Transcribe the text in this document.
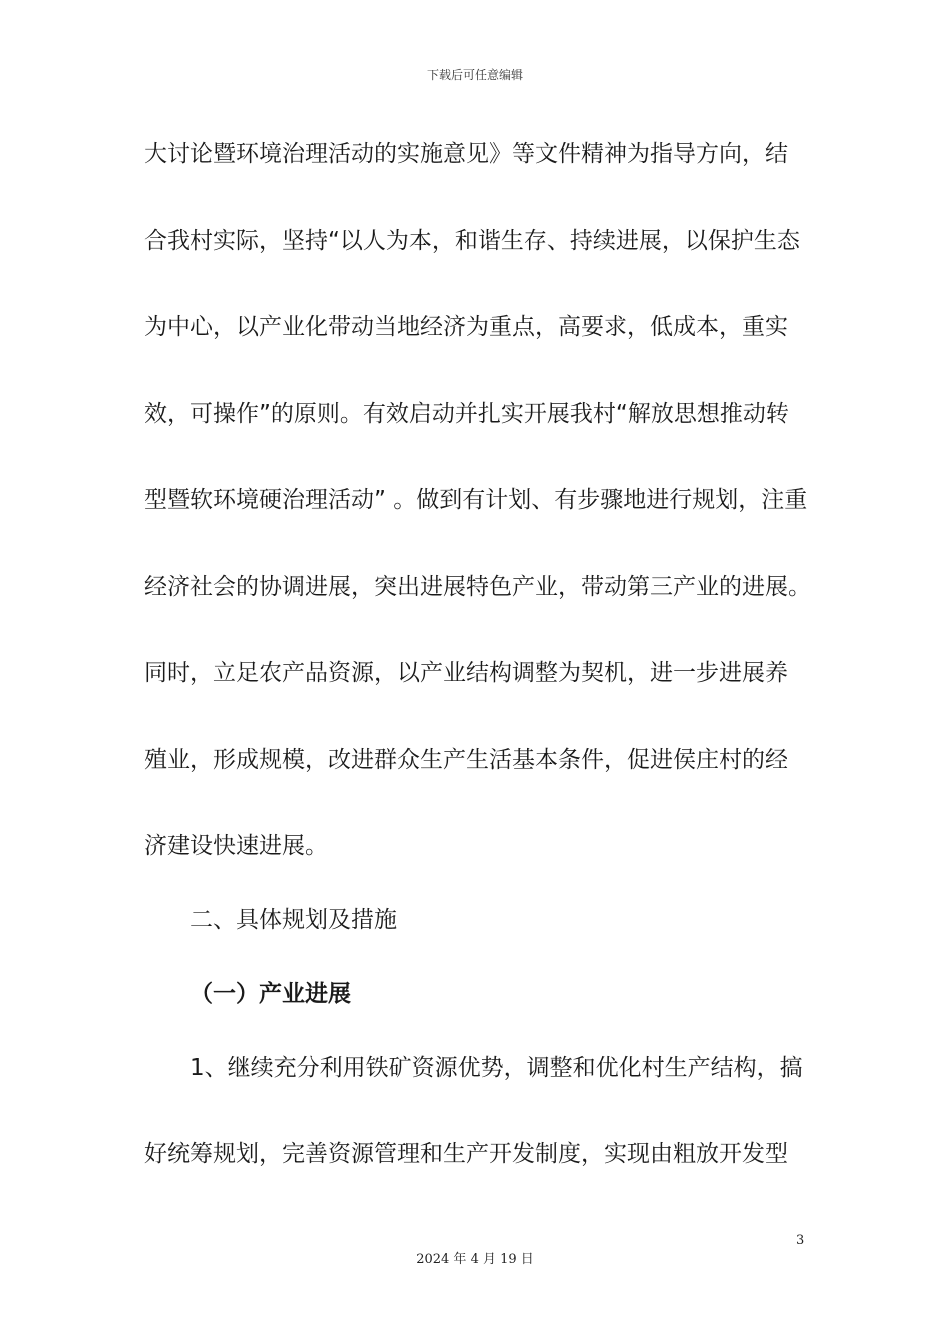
下载后可任意编辑
大讨论暨环境治理活动的实施意见》等文件精神为指导方向，结
合我村实际，坚持“以人为本，和谐生存、持续进展，以保护生态
为中心，以产业化带动当地经济为重点，高要求，低成本，重实
效，可操作”的原则。有效启动并扎实开展我村“解放思想推动转
型暨软环境硬治理活动” 。做到有计划、有步骤地进行规划，注重
经济社会的协调进展，突出进展特色产业，带动第三产业的进展。
同时，立足农产品资源，以产业结构调整为契机，进一步进展养
殖业，形成规模，改进群众生产生活基本条件，促进侯庄村的经
济建设快速进展。
二、具体规划及措施
（一）产业进展
1、继续充分利用铁矿资源优势，调整和优化村生产结构，搞
好统筹规划，完善资源管理和生产开发制度，实现由粗放开发型
3
2024 年 4 月 19 日
